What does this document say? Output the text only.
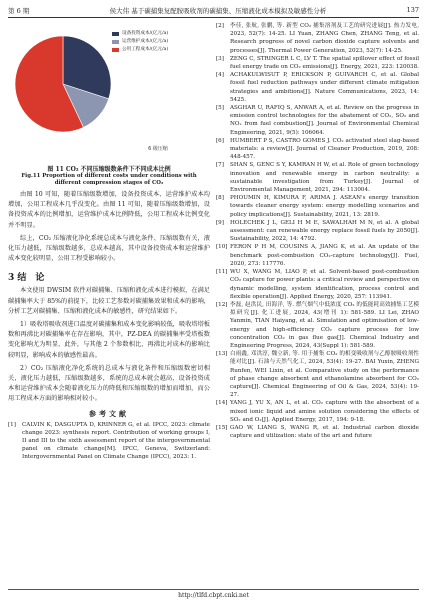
第 6 期	侯大伟 基于碳捕集复配胺吸收剂的碳捕集、压缩液化成本模拟及敏感性分析	137
6 级压缩
设备投资成本/(亿元/a)
运营维护成本/(亿元/a)
公用工程成本/(亿元/a)
图 11 CO₂ 不同压缩级数条件下不同成本比例
Fig.11 Proportion of different costs under conditions with different compression stages of CO₂

由图 10 可知，随着压缩级数增加，设备投资成本、运营维护成本均增加，公用工程成本几乎没变化。由图 11 可知，随着压缩级数增加，设备投资成本的比例增加，运营维护成本比例降低，公用工程成本比例变化并不明显。

综上，CO₂ 压缩液化净化系统总成本与液化条件、压缩级数有关，液化压力越低，压缩级数越多，总成本越高，其中设备投资成本和运营维护成本变化较明显，公用工程受影响较小。

3 结　论

本文使用 DWSIM 软件对碳捕集、压缩和液化成本进行模拟，在满足碳捕集率大于 85%的前提下，比较工艺参数对碳捕集效果和成本的影响，分析工艺对碳捕集、压缩和液化成本的敏感性，研究结果如下。

1）吸收塔吸收剂进口温度对碳捕集和成本变化影响较低，吸收塔塔板数和再沸比对碳捕集率在存在影响，其中，PZ-DEA 的碳捕集率受塔板数变化影响尤为明显，此外，与其他 2 个参数相比，再沸比对成本的影响比较明显，影响成本的敏感性最高。

2）CO₂ 压缩液化净化系统的总成本与液化条件和压缩级数密切相关，液化压力越低，压缩级数越多，系统的总成本就会越高，设备投资成本和运营维护成本会随着液化压力的降低和压缩级数的增加而增加，而公用工程成本方面的影响相对较小。

参考文献
[1]	CALVIN K, DASGUPTA D, KRINNER G, et al. IPCC, 2023: climate change 2023: synthesis report. Contribution of working groups I, II and III to the sixth assessment report of the intergovernmental panel on climate change[M]. IPCC, Geneva, Switzerland: Intergovernmental Panel on Climate Change (IPCC), 2023: 1.
[2]	李佳, 张航, 张鹏, 等. 新型 CO₂ 捕集溶剂及工艺的研究进展[J]. 热力发电, 2023, 52(7): 14-25. LI Yuan, ZHANG Chen, ZHANG Teng, et al. Research progress of novel carbon dioxide capture solvents and processes[J]. Thermal Power Generation, 2023, 52(7): 14-25.
[3]	ZENG C, STRINGER L C, LV T. The spatial spillover effect of fossil fuel energy trade on CO₂ emissions[J]. Energy, 2021, 223: 120038.
[4]	ACHAKULWISUT P, ERICKSON P, GUIVARCH C, et al. Global fossil fuel reduction pathways under different climate mitigation strategies and ambitions[J]. Nature Communications, 2023, 14: 5425.
[5]	ASGHAR U, RAFIQ S, ANWAR A, et al. Review on the progress in emission control technologies for the abatement of CO₂, SO₂ and NOₓ from fuel combustion[J]. Journal of Environmental Chemical Engineering, 2021, 9(5): 106064.
[6]	HUMBERT P S, CASTRO GOMES J. CO₂ activated steel slag-based materials: a review[J]. Journal of Cleaner Production, 2019, 208: 448-457.
[7]	SHAN S, GENC S Y, KAMRAN H W, et al. Role of green technology innovation and renewable energy in carbon neutrality: a sustainable investigation from Turkey[J]. Journal of Environmental Management, 2021, 294: 113004.
[8]	PHOUMIN H, KIMURA F, ARIMA J. ASEAN's energy transition towards cleaner energy system: energy modelling scenarios and policy implications[J]. Sustainability, 2021, 13: 2819.
[9]	HOLECHEK J L, GELI H M E, SAWALHAH M N, et al. A global assessment: can renewable energy replace fossil fuels by 2050[J]. Sustainability, 2022, 14: 4792.
[10] FERON P H M, COUSINS A, JIANG K, et al. An update of the benchmark post-combustion CO₂-capture technology[J]. Fuel, 2020, 273: 117776.
[11] WU X, WANG M, LIAO P, et al. Solvent-based post-combustion CO₂ capture for power plants: a critical review and perspective on dynamic modelling, system identification, process control and flexible operation[J]. Applied Energy, 2020, 257: 113941.
[12] 李磊, 赵洪民, 田海洋, 等. 燃气烟气中低浓度 CO₂ 的低能耗高效捕集工艺模拟研究[J]. 化工进展, 2024, 43(增刊 1): 581-589. LI Lei, ZHAO Yanmin, TIAN Haiyang, et al. Simulation and optimisation of low-energy and high-efficiency CO₂ capture process for low concentration CO₂ in gas flue gas[J]. Chemical Industry and Engineering Progress, 2024, 43(Suppl 1): 581-589.
[13] 白雨鑫, 邓洪淳, 魏立新, 等. 用于捕集 CO₂ 的相变吸收剂与乙醇胺吸收剂性能对比[J]. 石油与天然气化工, 2024, 53(4): 19-27. BAI Yuxin, ZHENG Runfen, WEI Lixin, et al. Comparative study on the performance of phase change absorbent and ethanolamine absorbent for CO₂ capture[J]. Chemical Engineering of Oil & Gas, 2024, 53(4): 19-27.
[14] YANG J, YU X, AN L, et al. CO₂ capture with the absorbent of a mixed ionic liquid and amine solution considering the effects of SO₂ and O₂[J]. Applied Energy, 2017, 194: 9-18.
[15] GAO W, LIANG S, WANG R, et al. Industrial carbon dioxide capture and utilization: state of the art and future
http://tlfd.cbpt.cnki.net
